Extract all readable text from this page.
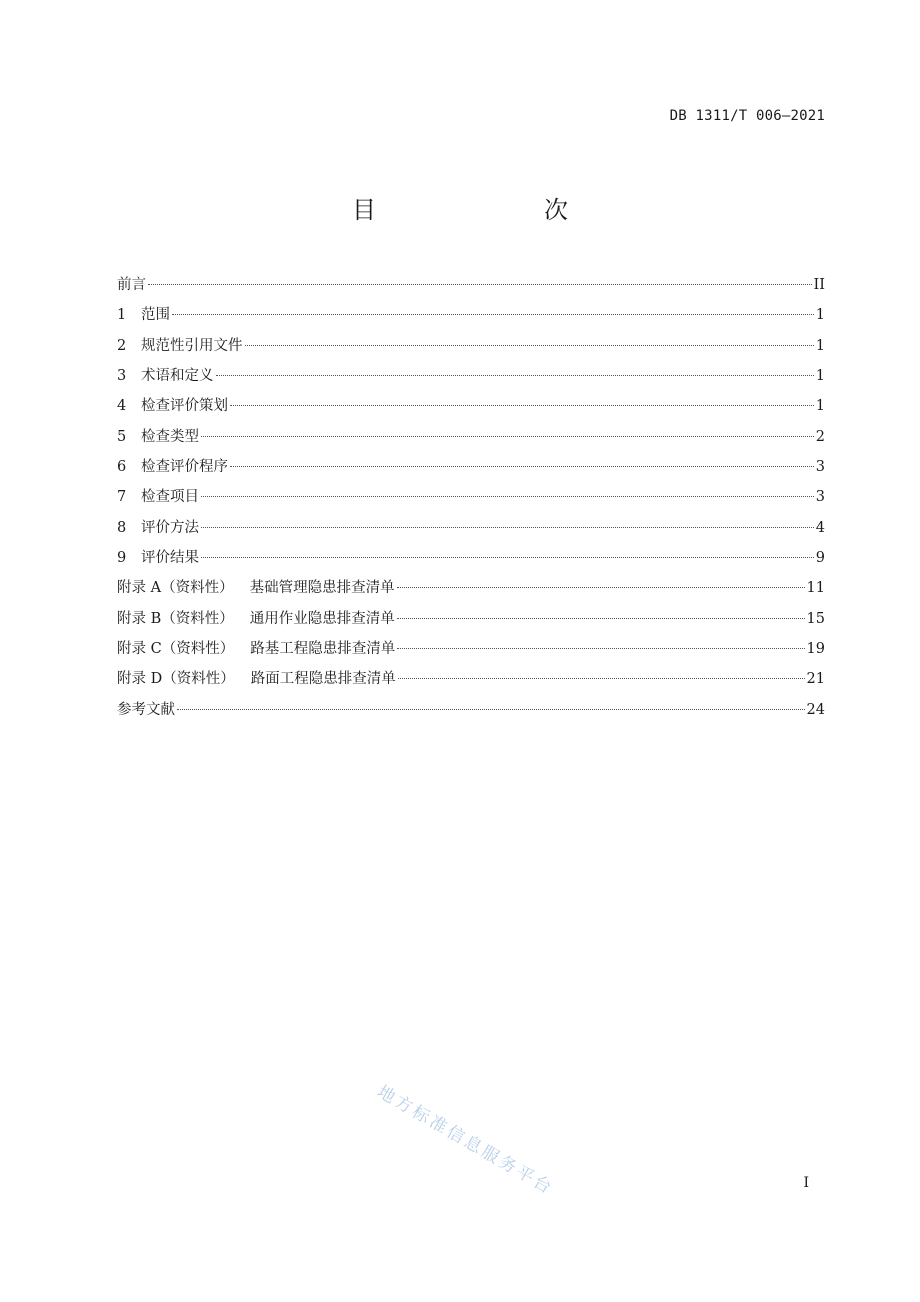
DB 1311/T 006—2021
目　　次
前言	II
1 范围	1
2 规范性引用文件	1
3 术语和定义	1
4 检查评价策划	1
5 检查类型	2
6 检查评价程序	3
7 检查项目	3
8 评价方法	4
9 评价结果	9
附录 A（资料性） 基础管理隐患排查清单	11
附录 B（资料性） 通用作业隐患排查清单	15
附录 C（资料性） 路基工程隐患排查清单	19
附录 D（资料性） 路面工程隐患排查清单	21
参考文献	24
地方标准信息服务平台	I
